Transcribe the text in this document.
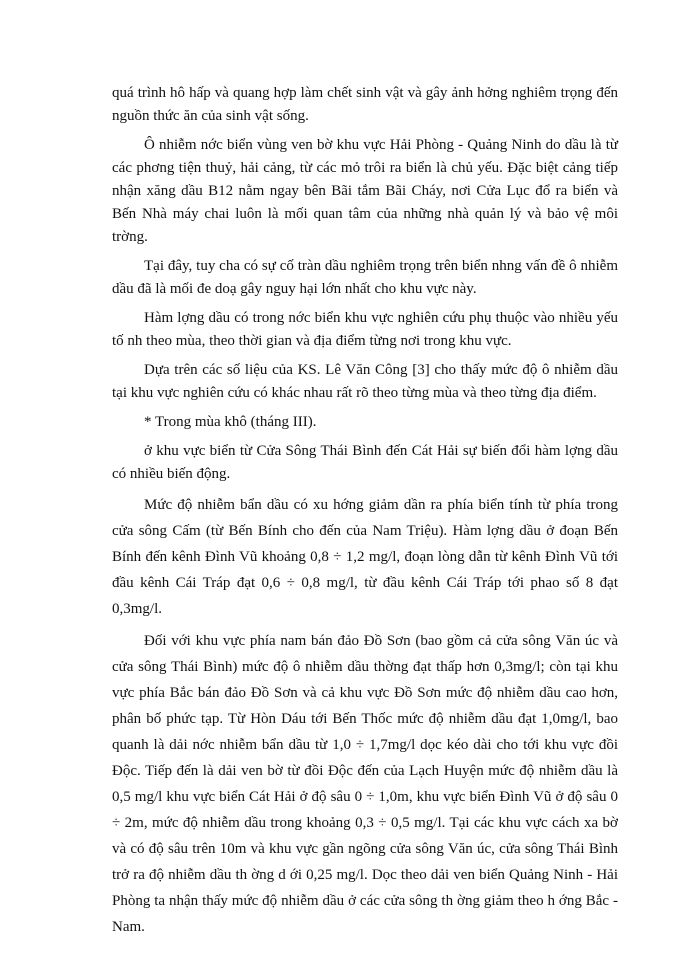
quá trình hô hấp và quang hợp làm chết sinh vật và gây ảnh hởng nghiêm trọng đến nguồn thức ăn của sinh vật sống.

Ô nhiễm nớc biển vùng ven bờ khu vực Hải Phòng - Quảng Ninh do dầu là từ các phơng tiện thuỷ, hải cảng, từ các mỏ trôi ra biển là chủ yếu. Đặc biệt cảng tiếp nhận xăng dầu B12 nằm ngay bên Bãi tắm Bãi Cháy, nơi Cửa Lục đổ ra biển và Bến Nhà máy chai luôn là mối quan tâm của những nhà quản lý và bảo vệ môi trờng.

Tại đây, tuy cha có sự cố tràn dầu nghiêm trọng trên biển nhng vấn đề ô nhiễm dầu đã là mối đe doạ gây nguy hại lớn nhất cho khu vực này.

Hàm lợng dầu có trong nớc biển khu vực nghiên cứu phụ thuộc vào nhiều yếu tố nh theo mùa, theo thời gian và địa điểm từng nơi trong khu vực.

Dựa trên các số liệu của KS. Lê Văn Công [3] cho thấy mức độ ô nhiễm dầu tại khu vực nghiên cứu có khác nhau rất rõ theo từng mùa và theo từng địa điểm.

* Trong mùa khô (tháng III).

ở khu vực biển từ Cửa Sông Thái Bình đến Cát Hải sự biến đổi hàm lợng dầu có nhiều biến động.

Mức độ nhiễm bẩn dầu có xu hớng giảm dần ra phía biển tính từ phía trong cửa sông Cấm (từ Bến Bính cho đến của Nam Triệu). Hàm lợng dầu ở đoạn Bến Bính đến kênh Đình Vũ khoảng 0,8 ÷ 1,2 mg/l, đoạn lòng dẫn từ kênh Đình Vũ tới đầu kênh Cái Tráp đạt 0,6 ÷ 0,8 mg/l, từ đầu kênh Cái Tráp tới phao số 8 đạt 0,3mg/l.

Đối với khu vực phía nam bán đảo Đồ Sơn (bao gồm cả cửa sông Văn úc và cửa sông Thái Bình) mức độ ô nhiễm dầu thờng đạt thấp hơn 0,3mg/l; còn tại khu vực phía Bắc bán đảo Đồ Sơn và cả khu vực Đồ Sơn mức độ nhiễm dầu cao hơn, phân bố phức tạp. Từ Hòn Dáu tới Bến Thốc mức độ nhiễm dầu đạt 1,0mg/l, bao quanh là dải nớc nhiễm bẩn dầu từ 1,0 ÷ 1,7mg/l dọc kéo dài cho tới khu vực đồi Độc. Tiếp đến là dải ven bờ từ đồi Độc đến của Lạch Huyện mức độ nhiễm dầu là 0,5 mg/l khu vực biển Cát Hải ở độ sâu 0 ÷ 1,0m, khu vực biển Đình Vũ ở độ sâu 0 ÷ 2m, mức độ nhiễm dầu trong khoảng 0,3 ÷ 0,5 mg/l. Tại các khu vực cách xa bờ và có độ sâu trên 10m và khu vực gần ngõng cửa sông Văn úc, cửa sông Thái Bình trở ra độ nhiễm dầu th ờng d ới 0,25 mg/l. Dọc theo dải ven biển Quảng Ninh - Hải Phòng ta nhận thấy mức độ nhiễm dầu ở các cửa sông th ờng giảm theo h ớng Bắc - Nam.
